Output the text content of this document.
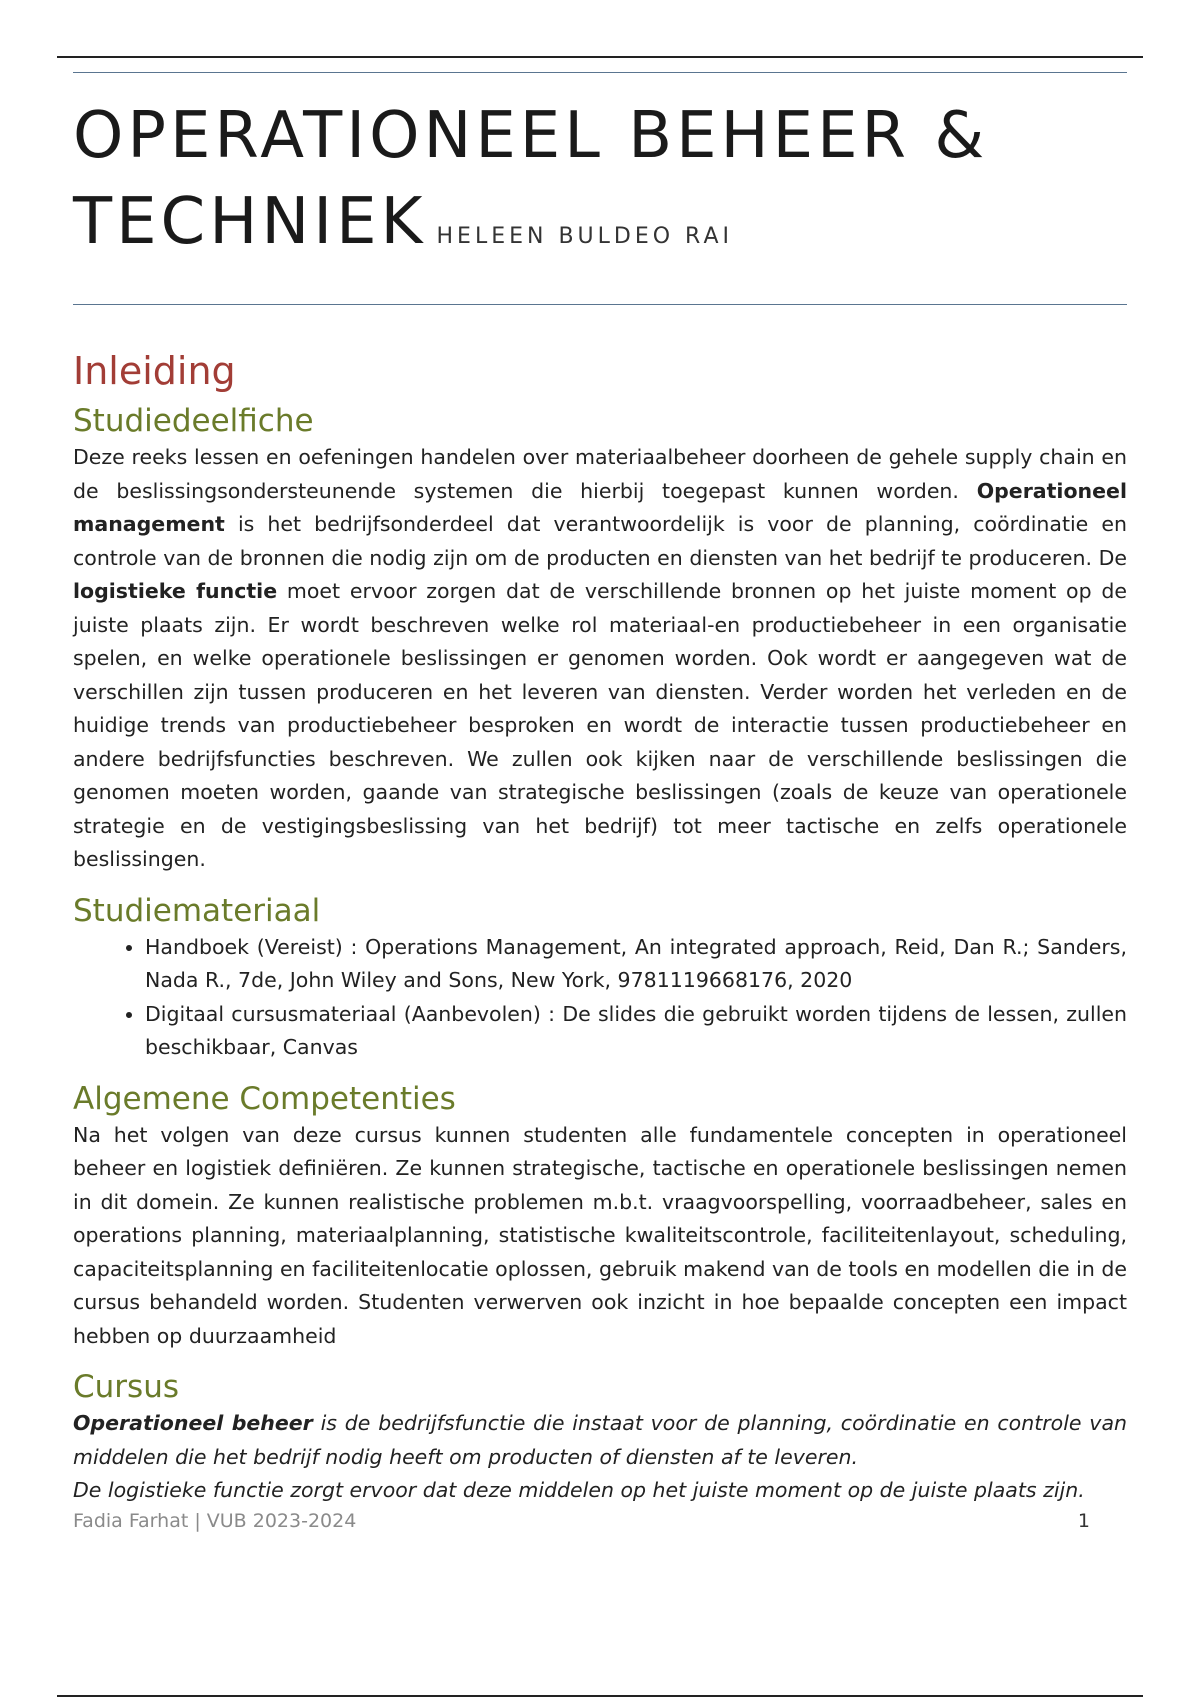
OPERATIONEEL BEHEER &
TECHNIEK HELEEN BULDEO RAI
Inleiding
Studiedeelfiche

Deze reeks lessen en oefeningen handelen over materiaalbeheer doorheen de gehele supply chain en de beslissingsondersteunende systemen die hierbij toegepast kunnen worden. Operationeel management is het bedrijfsonderdeel dat verantwoordelijk is voor de planning, coördinatie en controle van de bronnen die nodig zijn om de producten en diensten van het bedrijf te produceren. De logistieke functie moet ervoor zorgen dat de verschillende bronnen op het juiste moment op de juiste plaats zijn. Er wordt beschreven welke rol materiaal-en productiebeheer in een organisatie spelen, en welke operationele beslissingen er genomen worden. Ook wordt er aangegeven wat de verschillen zijn tussen produceren en het leveren van diensten. Verder worden het verleden en de huidige trends van productiebeheer besproken en wordt de interactie tussen productiebeheer en andere bedrijfsfuncties beschreven. We zullen ook kijken naar de verschillende beslissingen die genomen moeten worden, gaande van strategische beslissingen (zoals de keuze van operationele strategie en de vestigingsbeslissing van het bedrijf) tot meer tactische en zelfs operationele beslissingen.

Studiemateriaal
• Handboek (Vereist) : Operations Management, An integrated approach, Reid, Dan R.; Sanders, Nada R., 7de, John Wiley and Sons, New York, 9781119668176, 2020
• Digitaal cursusmateriaal (Aanbevolen) : De slides die gebruikt worden tijdens de lessen, zullen beschikbaar, Canvas
Algemene Competenties

Na het volgen van deze cursus kunnen studenten alle fundamentele concepten in operationeel beheer en logistiek definiëren. Ze kunnen strategische, tactische en operationele beslissingen nemen in dit domein. Ze kunnen realistische problemen m.b.t. vraagvoorspelling, voorraadbeheer, sales en operations planning, materiaalplanning, statistische kwaliteitscontrole, faciliteitenlayout, scheduling, capaciteitsplanning en faciliteitenlocatie oplossen, gebruik makend van de tools en modellen die in de cursus behandeld worden. Studenten verwerven ook inzicht in hoe bepaalde concepten een impact hebben op duurzaamheid

Cursus

Operationeel beheer is de bedrijfsfunctie die instaat voor de planning, coördinatie en controle van middelen die het bedrijf nodig heeft om producten of diensten af te leveren.

De logistieke functie zorgt ervoor dat deze middelen op het juiste moment op de juiste plaats zijn.

Fadia Farhat | VUB 2023-2024	1
